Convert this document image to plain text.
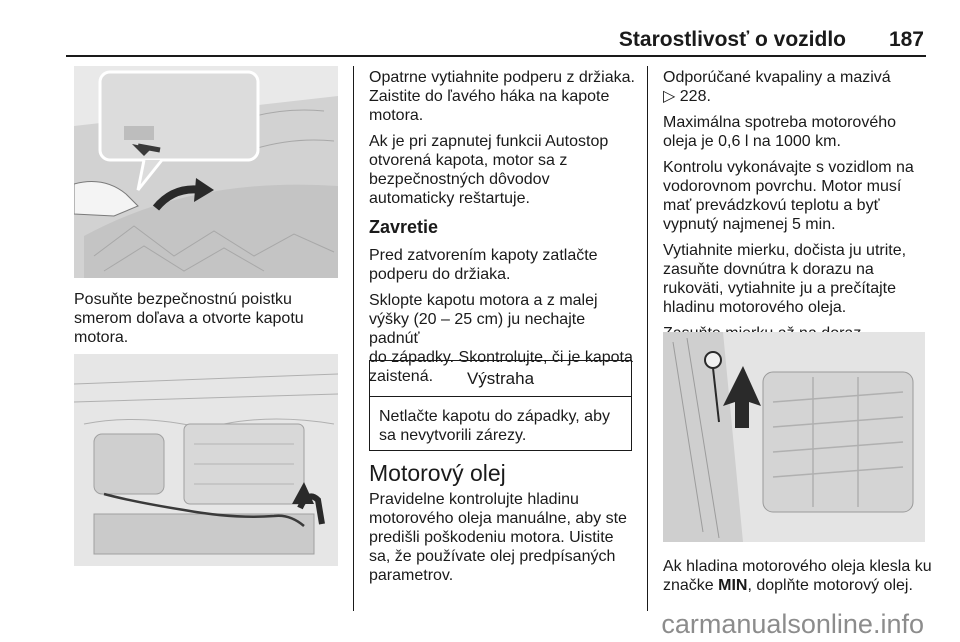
Starostlivosť o vozidlo 187
Posuňte bezpečnostnú poistku
smerom doľava a otvorte kapotu
motora.

Opatrne vytiahnite podperu z držiaka.
Zaistite do ľavého háka na kapote
motora.

Ak je pri zapnutej funkcii Autostop
otvorená kapota, motor sa z
bezpečnostných dôvodov
automaticky reštartuje.

Zavretie

Pred zatvorením kapoty zatlačte
podperu do držiaka.

Sklopte kapotu motora a z malej
výšky (20 – 25 cm) ju nechajte padnúť
do západky. Skontrolujte, či je kapota
zaistená.	Výstraha
Netlačte kapotu do západky, aby
sa nevytvorili zárezy.
Motorový olej
Pravidelne kontrolujte hladinu
motorového oleja manuálne, aby ste
predišli poškodeniu motora. Uistite
sa, že používate olej predpísaných
parametrov.

Odporúčané kvapaliny a mazivá
▷ 228.

Maximálna spotreba motorového
oleja je 0,6 l na 1000 km.

Kontrolu vykonávajte s vozidlom na
vodorovnom povrchu. Motor musí
mať prevádzkovú teplotu a byť
vypnutý najmenej 5 min.

Vytiahnite mierku, dočista ju utrite,
zasuňte dovnútra k dorazu na
rukoväti, vytiahnite ju a prečítajte
hladinu motorového oleja.

Ak hladina motorového oleja klesla ku
značke MIN, doplňte motorový olej.
carmanualsonline.info
